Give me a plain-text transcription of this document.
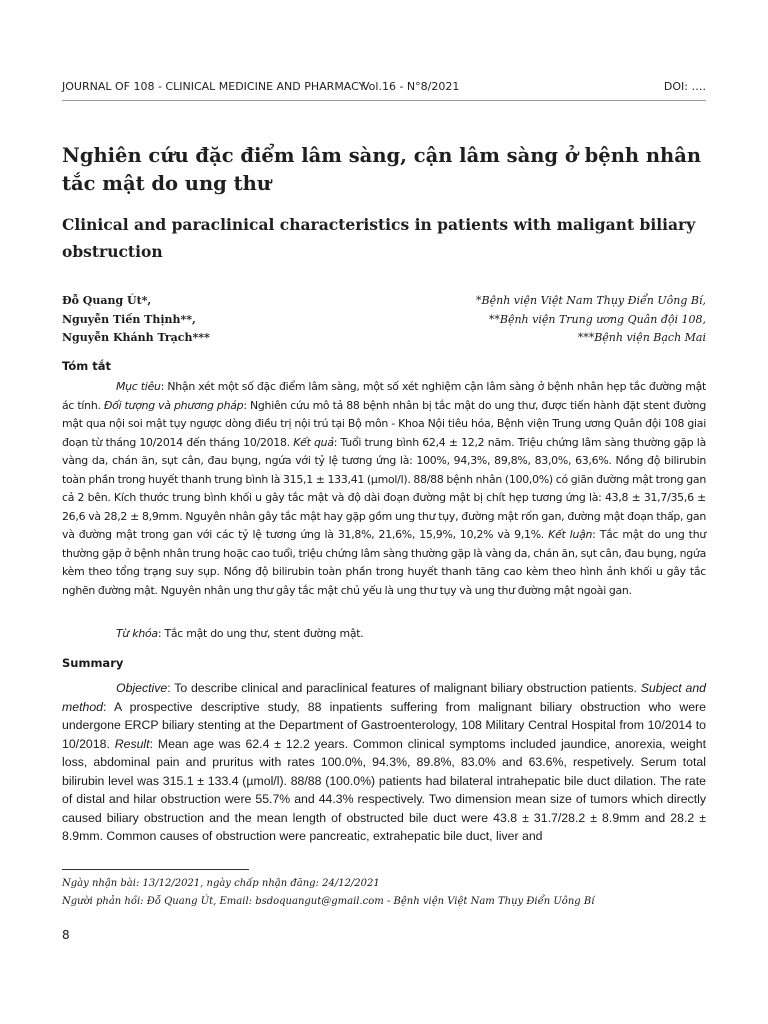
JOURNAL OF 108 - CLINICAL MEDICINE AND PHARMACY
Vol.16 - N°8/2021	DOI: ….
Nghiên cứu đặc điểm lâm sàng, cận lâm sàng ở bệnh nhân tắc mật do ung thư
Clinical and paraclinical characteristics in patients with maligant biliary obstruction
Đỗ Quang Út*,
Nguyễn Tiến Thịnh**,
Nguyễn Khánh Trạch***
*Bệnh viện Việt Nam Thụy Điển Uông Bí,
**Bệnh viện Trung ương Quân đội 108,
***Bệnh viện Bạch Mai
Tóm tắt

Mục tiêu: Nhận xét một số đặc điểm lâm sàng, một số xét nghiệm cận lâm sàng ở bệnh nhân hẹp tắc đường mật ác tính. Đối tượng và phương pháp: Nghiên cứu mô tả 88 bệnh nhân bị tắc mật do ung thư, được tiến hành đặt stent đường mật qua nội soi mật tụy ngược dòng điều trị nội trú tại Bộ môn - Khoa Nội tiêu hóa, Bệnh viện Trung ương Quân đội 108 giai đoạn từ tháng 10/2014 đến tháng 10/2018. Kết quả: Tuổi trung bình 62,4 ± 12,2 năm. Triệu chứng lâm sàng thường gặp là vàng da, chán ăn, sụt cân, đau bụng, ngứa với tỷ lệ tương ứng là: 100%, 94,3%, 89,8%, 83,0%, 63,6%. Nồng độ bilirubin toàn phần trong huyết thanh trung bình là 315,1 ± 133,41 (µmol/l). 88/88 bệnh nhân (100,0%) có giãn đường mật trong gan cả 2 bên. Kích thước trung bình khối u gây tắc mật và độ dài đoạn đường mật bị chít hẹp tương ứng là: 43,8 ± 31,7/35,6 ± 26,6 và 28,2 ± 8,9mm. Nguyên nhân gây tắc mật hay gặp gồm ung thư tụy, đường mật rốn gan, đường mật đoạn thấp, gan và đường mật trong gan với các tỷ lệ tương ứng là 31,8%, 21,6%, 15,9%, 10,2% và 9,1%. Kết luận: Tắc mật do ung thư thường gặp ở bệnh nhân trung hoặc cao tuổi, triệu chứng lâm sàng thường gặp là vàng da, chán ăn, sụt cân, đau bụng, ngứa kèm theo tổng trạng suy sụp. Nồng độ bilirubin toàn phần trong huyết thanh tăng cao kèm theo hình ảnh khối u gây tắc nghẽn đường mật. Nguyên nhân ung thư gây tắc mật chủ yếu là ung thư tụy và ung thư đường mật ngoài gan.

Từ khóa: Tắc mật do ung thư, stent đường mật.
Summary

Objective: To describe clinical and paraclinical features of malignant biliary obstruction patients. Subject and method: A prospective descriptive study, 88 inpatients suffering from malignant biliary obstruction who were undergone ERCP biliary stenting at the Department of Gastroenterology, 108 Military Central Hospital from 10/2014 to 10/2018. Result: Mean age was 62.4 ± 12.2 years. Common clinical symptoms included jaundice, anorexia, weight loss, abdominal pain and pruritus with rates 100.0%, 94.3%, 89.8%, 83.0% and 63.6%, respetively. Serum total bilirubin level was 315.1 ± 133.4 (µmol/l). 88/88 (100.0%) patients had bilateral intrahepatic bile duct dilation. The rate of distal and hilar obstruction were 55.7% and 44.3% respectively. Two dimension mean size of tumors which directly caused biliary obstruction and the mean length of obstructed bile duct were 43.8 ± 31.7/28.2 ± 8.9mm and 28.2 ± 8.9mm. Common causes of obstruction were pancreatic, extrahepatic bile duct, liver and

Ngày nhận bài: 13/12/2021, ngày chấp nhận đăng: 24/12/2021
Người phản hồi: Đỗ Quang Út, Email: bsdoquangut@gmail.com - Bệnh viện Việt Nam Thụy Điển Uông Bí
8
